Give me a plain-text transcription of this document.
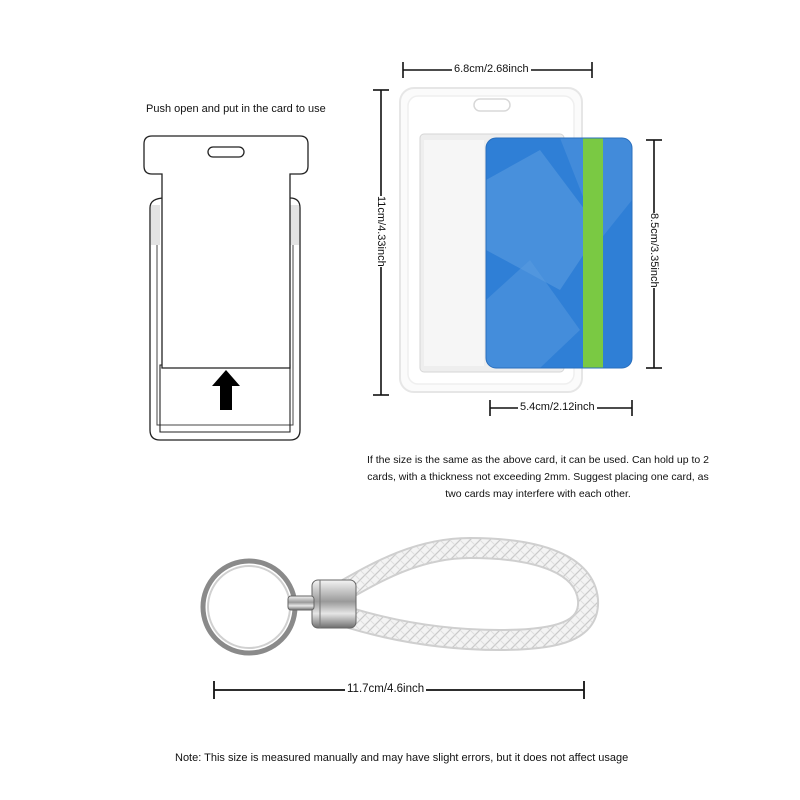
Push open and put in the card to use
6.8cm/2.68inch
11cm/4.33inch	8.5cm/3.35inch
5.4cm/2.12inch
If the size is the same as the above card, it can be used. Can hold up to 2 cards, with a thickness not exceeding 2mm. Suggest placing one card, as two cards may interfere with each other.
11.7cm/4.6inch
Note: This size is measured manually and may have slight errors, but it does not affect usage
